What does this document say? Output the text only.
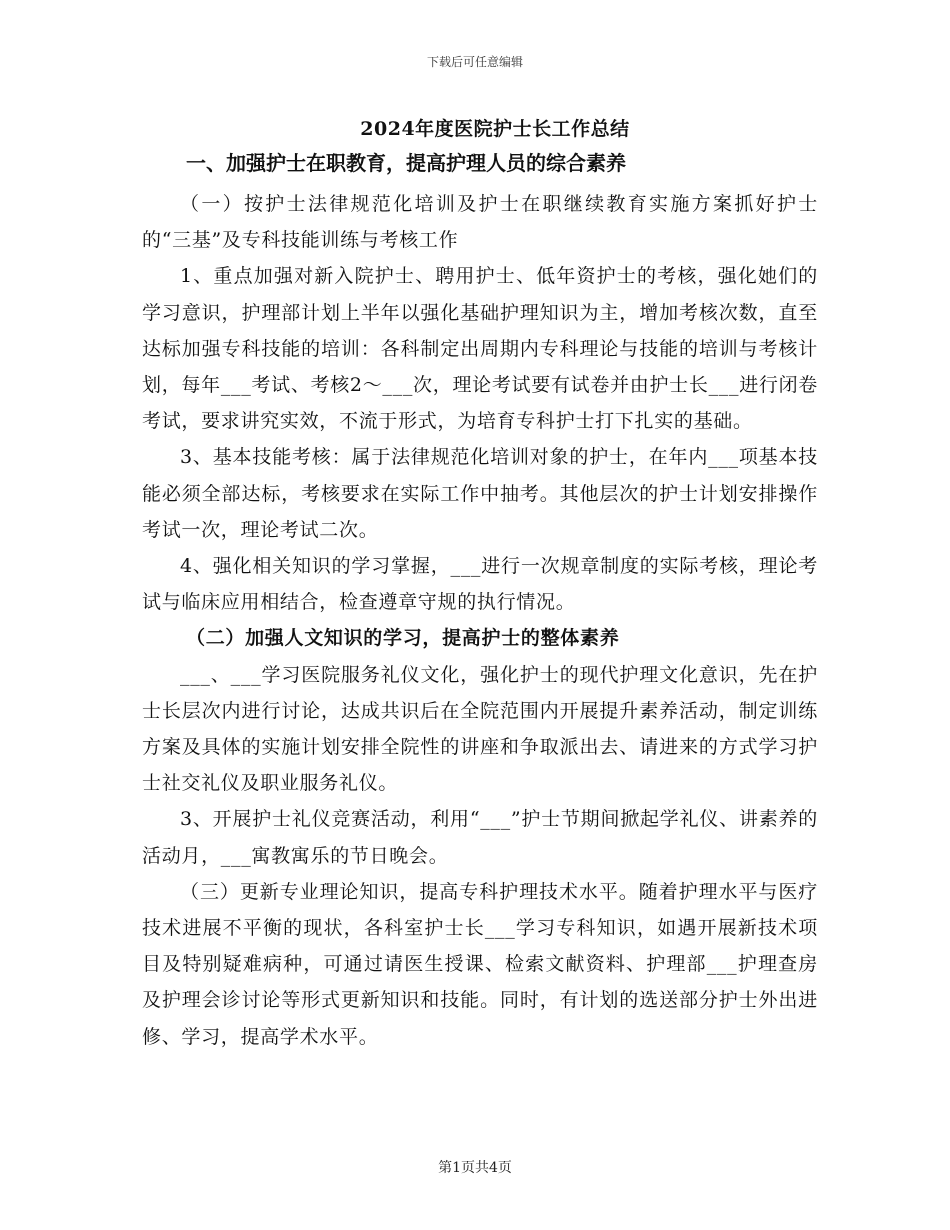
下载后可任意编辑
2024年度医院护士长工作总结
一、加强护士在职教育，提高护理人员的综合素养

（一）按护士法律规范化培训及护士在职继续教育实施方案抓好护士的“三基”及专科技能训练与考核工作

1、重点加强对新入院护士、聘用护士、低年资护士的考核，强化她们的学习意识，护理部计划上半年以强化基础护理知识为主，增加考核次数，直至达标加强专科技能的培训：各科制定出周期内专科理论与技能的培训与考核计划，每年___考试、考核2～___次，理论考试要有试卷并由护士长___进行闭卷考试，要求讲究实效，不流于形式，为培育专科护士打下扎实的基础。

3、基本技能考核：属于法律规范化培训对象的护士，在年内___项基本技能必须全部达标，考核要求在实际工作中抽考。其他层次的护士计划安排操作考试一次，理论考试二次。

4、强化相关知识的学习掌握，___进行一次规章制度的实际考核，理论考试与临床应用相结合，检查遵章守规的执行情况。

（二）加强人文知识的学习，提高护士的整体素养

___、___学习医院服务礼仪文化，强化护士的现代护理文化意识，先在护士长层次内进行讨论，达成共识后在全院范围内开展提升素养活动，制定训练方案及具体的实施计划安排全院性的讲座和争取派出去、请进来的方式学习护士社交礼仪及职业服务礼仪。

3、开展护士礼仪竞赛活动，利用“___”护士节期间掀起学礼仪、讲素养的活动月，___寓教寓乐的节日晚会。

（三）更新专业理论知识，提高专科护理技术水平。随着护理水平与医疗技术进展不平衡的现状，各科室护士长___学习专科知识，如遇开展新技术项目及特别疑难病种，可通过请医生授课、检索文献资料、护理部___护理查房及护理会诊讨论等形式更新知识和技能。同时，有计划的选送部分护士外出进修、学习，提高学术水平。

第1页共4页
